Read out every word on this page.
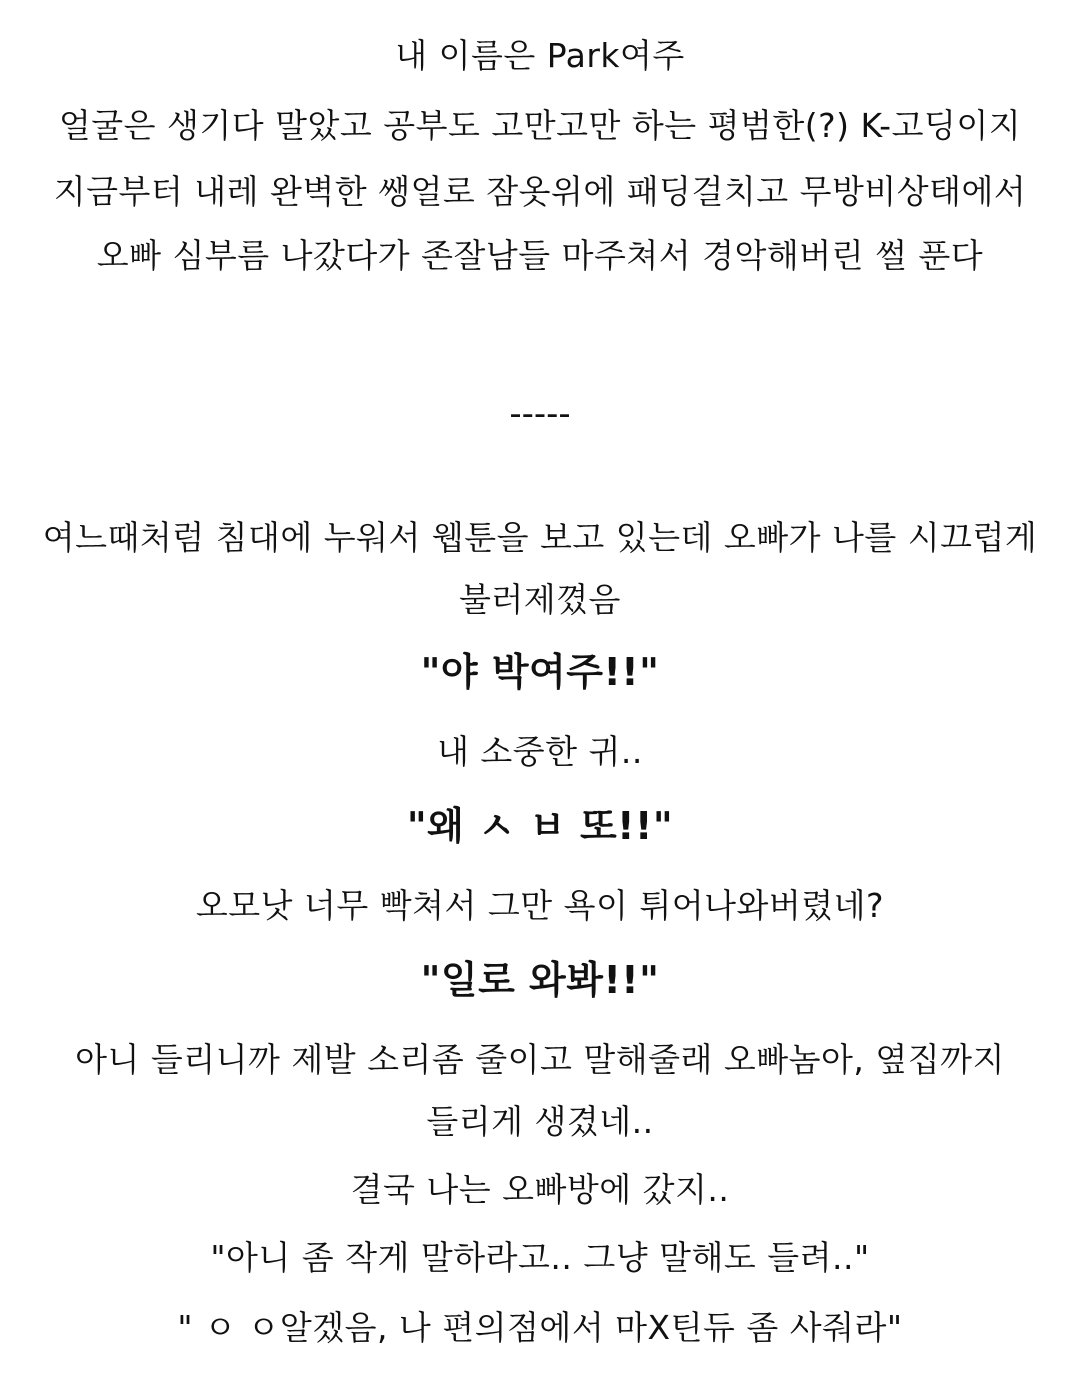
내 이름은 Park여주
얼굴은 생기다 말았고 공부도 고만고만 하는 평범한(?) K-고딩이지
지금부터 내레 완벽한 쌩얼로 잠옷위에 패딩걸치고 무방비상태에서
오빠 심부름 나갔다가 존잘남들 마주쳐서 경악해버린 썰 푼다
-----
여느때처럼 침대에 누워서 웹툰을 보고 있는데 오빠가 나를 시끄럽게
불러제꼈음
"야 박여주!!"
내 소중한 귀..
"왜 ㅅ ㅂ 또!!"
오모낫 너무 빡쳐서 그만 욕이 튀어나와버렸네?
"일로 와봐!!"
아니 들리니까 제발 소리좀 줄이고 말해줄래 오빠놈아, 옆집까지
들리게 생겼네..
결국 나는 오빠방에 갔지..
"아니 좀 작게 말하라고.. 그냥 말해도 들려.."
" ㅇ ㅇ알겠음, 나 편의점에서 마X틴듀 좀 사줘라"
